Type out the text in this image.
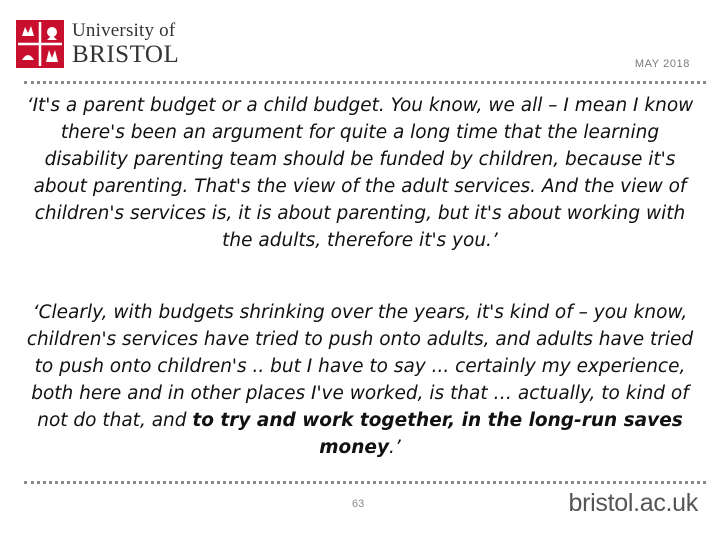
University of
BRISTOL	MAY 2018

‘It's a parent budget or a child budget. You know, we all – I mean I know there's been an argument for quite a long time that the learning disability parenting team should be funded by children, because it's about parenting. That's the view of the adult services. And the view of children's services is, it is about parenting, but it's about working with the adults, therefore it's you.’

‘Clearly, with budgets shrinking over the years, it's kind of – you know, children's services have tried to push onto adults, and adults have tried to push onto children's .. but I have to say ... certainly my experience, both here and in other places I've worked, is that … actually, to kind of not do that, and to try and work together, in the long-run saves money.’

63	bristol.ac.uk
